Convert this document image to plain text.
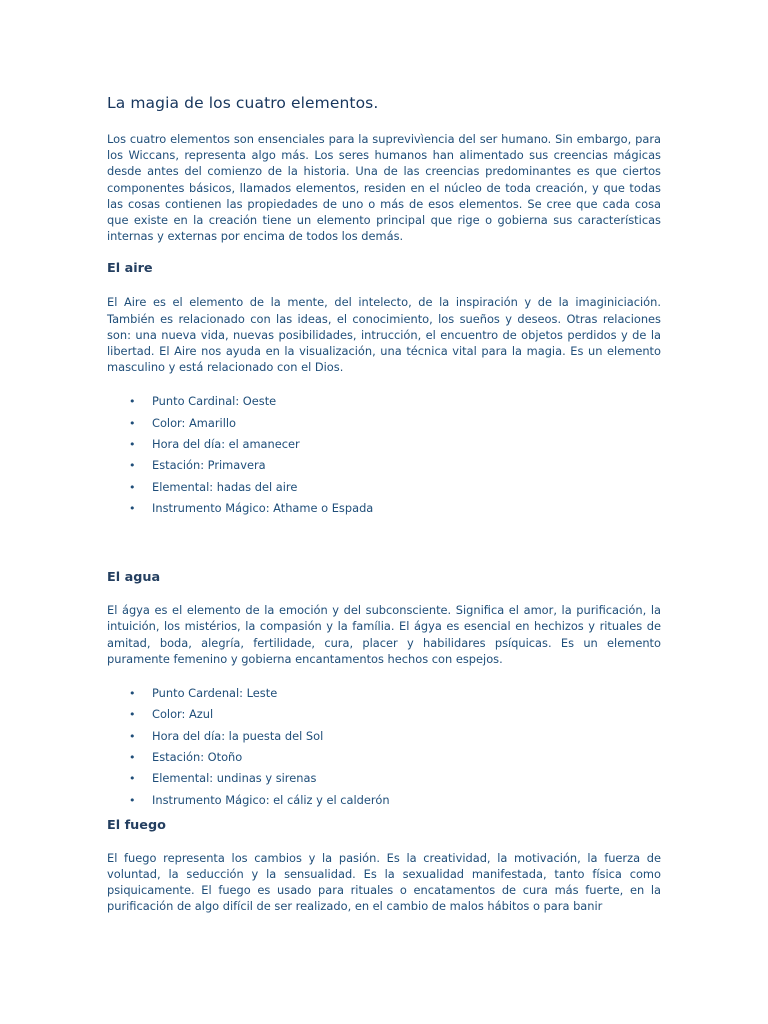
La magia de los cuatro elementos.

Los cuatro elementos son ensenciales para la suprevivìencia del ser humano. Sin embargo, para los Wiccans, representa algo más. Los seres humanos han alimentado sus creencias mágicas desde antes del comienzo de la historia. Una de las creencias predominantes es que ciertos componentes básicos, llamados elementos, residen en el núcleo de toda creación, y que todas las cosas contienen las propiedades de uno o más de esos elementos. Se cree que cada cosa que existe en la creación tiene un elemento principal que rige o gobierna sus características internas y externas por encima de todos los demás.

El aire

El Aire es el elemento de la mente, del intelecto, de la inspiración y de la imaginiciación. También es relacionado con las ideas, el conocimiento, los sueños y deseos. Otras relaciones son: una nueva vida, nuevas posibilidades, intrucción, el encuentro de objetos perdidos y de la libertad. El Aire nos ayuda en la visualización, una técnica vital para la magia. Es un elemento masculino y está relacionado con el Dios.

• Punto Cardinal: Oeste
• Color: Amarillo
• Hora del día: el amanecer
• Estación: Primavera
• Elemental: hadas del aire
• Instrumento Mágico: Athame o Espada
El agua

El ágya es el elemento de la emoción y del subconsciente. Significa el amor, la purificación, la intuición, los mistérios, la compasión y la família. El ágya es esencial en hechizos y rituales de amitad, boda, alegría, fertilidade, cura, placer y habilidares psíquicas. Es un elemento puramente femenino y gobierna encantamentos hechos con espejos.

• Punto Cardenal: Leste
• Color: Azul
• Hora del día: la puesta del Sol
• Estación: Otoño
• Elemental: undinas y sirenas
• Instrumento Mágico: el cáliz y el calderón
El fuego

El fuego representa los cambios y la pasión. Es la creatividad, la motivación, la fuerza de voluntad, la seducción y la sensualidad. Es la sexualidad manifestada, tanto física como psiquicamente. El fuego es usado para rituales o encatamentos de cura más fuerte, en la purificación de algo difícil de ser realizado, en el cambio de malos hábitos o para banir
